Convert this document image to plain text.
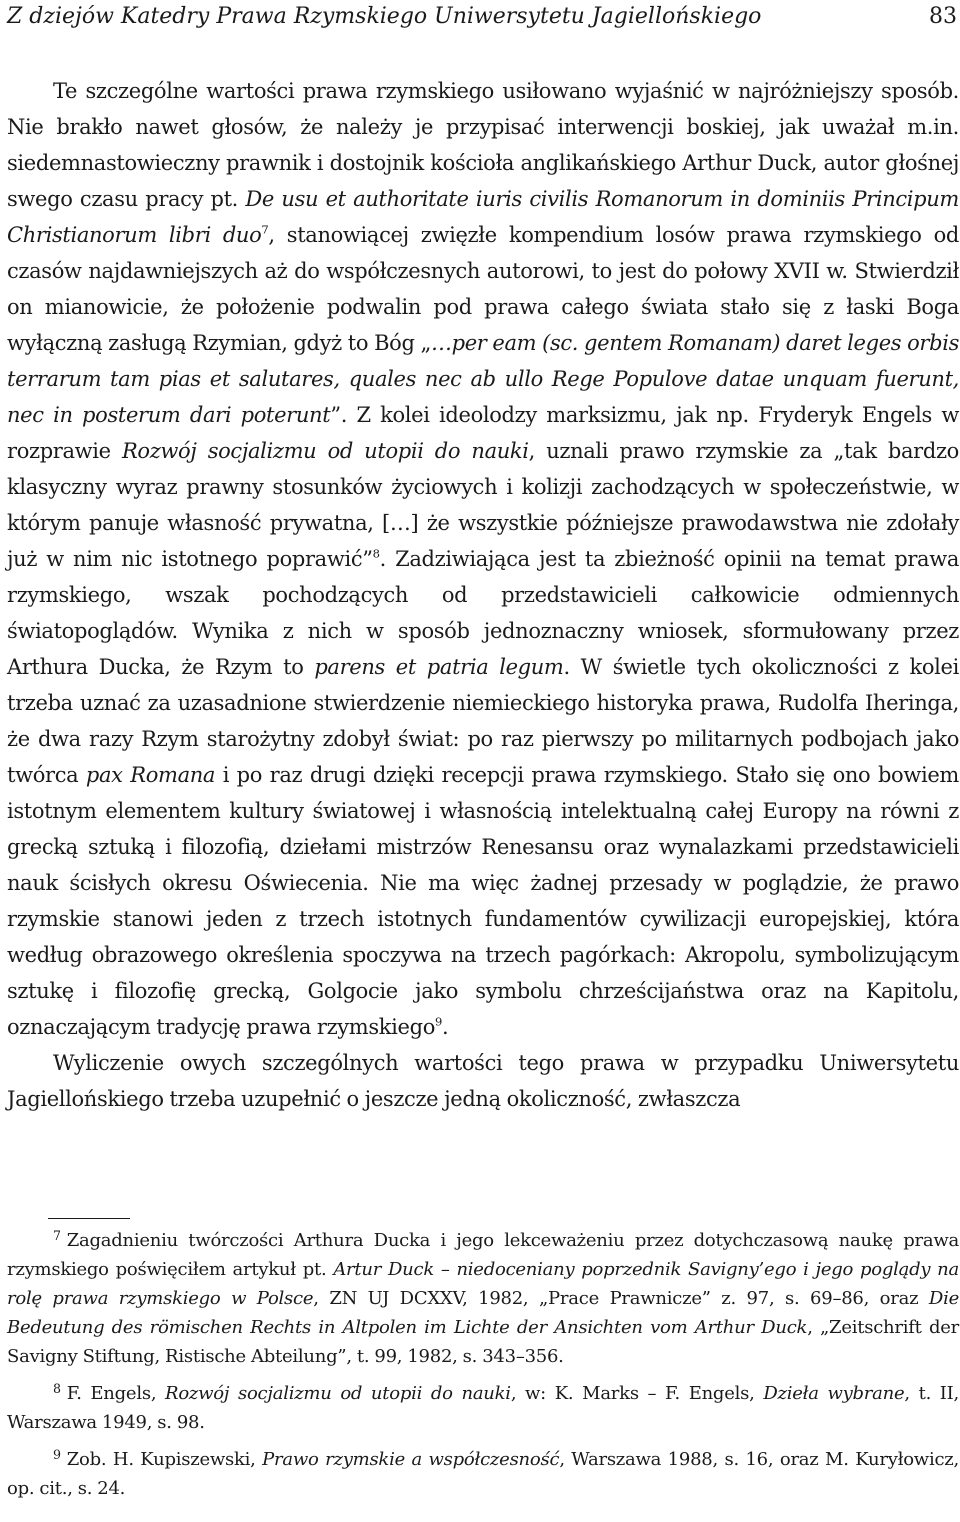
Z dziejów Katedry Prawa Rzymskiego Uniwersytetu Jagiellońskiego	83

Te szczególne wartości prawa rzymskiego usiłowano wyjaśnić w najróżniejszy sposób. Nie brakło nawet głosów, że należy je przypisać interwencji boskiej, jak uważał m.in. siedemnastowieczny prawnik i dostojnik kościoła anglikańskiego Arthur Duck, autor głośnej swego czasu pracy pt. De usu et authoritate iuris civilis Romanorum in dominiis Principum Christianorum libri duo$^7$, stanowiącej zwięzłe kompendium losów prawa rzymskiego od czasów najdawniejszych aż do współczesnych autorowi, to jest do połowy XVII w. Stwierdził on mianowicie, że położenie podwalin pod prawa całego świata stało się z łaski Boga wyłączną zasługą Rzymian, gdyż to Bóg „…per eam (sc. gentem Romanam) daret leges orbis terrarum tam pias et salutares, quales nec ab ullo Rege Populove datae unquam fuerunt, nec in posterum dari poterunt”. Z kolei ideolodzy marksizmu, jak np. Fryderyk Engels w rozprawie Rozwój socjalizmu od utopii do nauki, uznali prawo rzymskie za „tak bardzo klasyczny wyraz prawny stosunków życiowych i kolizji zachodzących w społeczeństwie, w którym panuje własność prywatna, […] że wszystkie późniejsze prawodawstwa nie zdołały już w nim nic istotnego poprawić”$^8$. Zadziwiająca jest ta zbieżność opinii na temat prawa rzymskiego, wszak pochodzących od przedstawicieli całkowicie odmiennych światopoglądów. Wynika z nich w sposób jednoznaczny wniosek, sformułowany przez Arthura Ducka, że Rzym to parens et patria legum. W świetle tych okoliczności z kolei trzeba uznać za uzasadnione stwierdzenie niemieckiego historyka prawa, Rudolfa Iheringa, że dwa razy Rzym starożytny zdobył świat: po raz pierwszy po militarnych podbojach jako twórca pax Romana i po raz drugi dzięki recepcji prawa rzymskiego. Stało się ono bowiem istotnym elementem kultury światowej i własnością intelektualną całej Europy na równi z grecką sztuką i filozofią, dziełami mistrzów Renesansu oraz wynalazkami przedstawicieli nauk ścisłych okresu Oświecenia. Nie ma więc żadnej przesady w poglądzie, że prawo rzymskie stanowi jeden z trzech istotnych fundamentów cywilizacji europejskiej, która według obrazowego określenia spoczywa na trzech pagórkach: Akropolu, symbolizującym sztukę i filozofię grecką, Golgocie jako symbolu chrześcijaństwa oraz na Kapitolu, oznaczającym tradycję prawa rzymskiego$^9$.

Wyliczenie owych szczególnych wartości tego prawa w przypadku Uniwersytetu Jagiellońskiego trzeba uzupełnić o jeszcze jedną okoliczność, zwłaszcza

$^7$ Zagadnieniu twórczości Arthura Ducka i jego lekceważeniu przez dotychczasową naukę prawa rzymskiego poświęciłem artykuł pt. Artur Duck – niedoceniany poprzednik Savigny’ego i jego poglądy na rolę prawa rzymskiego w Polsce, ZN UJ DCXXV, 1982, „Prace Prawnicze” z. 97, s. 69–86, oraz Die Bedeutung des römischen Rechts in Altpolen im Lichte der Ansichten vom Arthur Duck, „Zeitschrift der Savigny Stiftung, Ristische Abteilung”, t. 99, 1982, s. 343–356.

$^8$ F. Engels, Rozwój socjalizmu od utopii do nauki, w: K. Marks – F. Engels, Dzieła wybrane, t. II, Warszawa 1949, s. 98.

$^9$ Zob. H. Kupiszewski, Prawo rzymskie a współczesność, Warszawa 1988, s. 16, oraz M. Kuryłowicz, op. cit., s. 24.
